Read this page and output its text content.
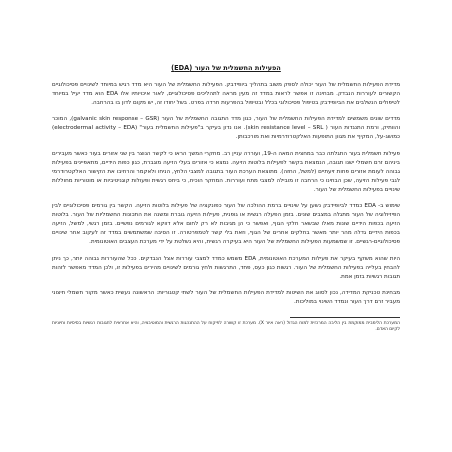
הפעילות החשמלית של העור (EDA)

מדידת הפעילות החשמלית של העור יכולה לספק משוב בתהליך ביופידבק. הפעילות החשמלית של העור היא מדד רגיש במיוחד לשינויים פסיכולוגיים הקשורים לעוררות הנבדק. מבחינה זו אפשר לראות במדד זה מעין מראה לתהליכים פסיכולוגיים, לאור איכויותיו אלו EDA הוא מדד יעיל במיוחד לטיפולים הנשלבים את הביופידבק בטיפול פסיכולוגי בכלל ובטיפול בהפרעות חרדה בפרט. בשל יחודו זה, יש מקום לדון בו בהרחבה.

מדדים שונים משמשים למדידת הפעילות החשמלית של העור, כגון מדד התגובה החשמלית של העור (galvanic skin response – GSR), המוכר והוותיק, ורמת התנגדות העור ( skin resistance level – SRL). אנו נדון בעיקר ב"פעילות החשמלית בעור" (electrodermal activity – EDA) כמושג-על, המקיף את מגוון התופעות האלקטרודרמיות ואת מורכבותן.

פעילות חשמלית בעור התגלתה כבר במחצית המאה ה-19, ועוררה עניין רב. מחקרי המשך הראו כי לקשר הנוצר בין שני אזורים בעור כאשר מעבירים ביניהם זרם חשמלי ישנו תגובה, הנמצאת בקשר לפעילות בלוטות הזיעה. נמצא כי אזורים בעלי הזיעה מוגברת, כגון כפות הידיים, מתאפיינים בפעילות גבוהה לעומת אזורים פחות זיעתיים (למשל, החזה). מתוצאת הערכת העור בתגובה למצבי הלחץ, הניחו ולאקמר והרחיבו את הקישור האלקטרודרמי לגבי פעילות הזיעה, שכן הבחינו כי הרחבה זו מובילה למצבי מתח ועוררות. המחקר הוכיח, כי ביחס רגשית ופעולות קוגניטיביות או מוטוריות מחוללות שינויים בפעילות החשמלית של העור.

שימוש ב- EDA כמדד לביופידבק נשען על שינויים ברמת ההולכה של העור כפונקציה של פעילות בלוטות הזיעה. הקשר בין גורמים פסיכולוגיים לבין הפיזיולוגיה של העור מתגלה במצבים שונים. בזמן הפעלה רגשית או גופנית, פעילות הזיעה גוברת ומשנה את התכונות החשמליות של העור. בלוטות הזיעה בכפות הידיים שונות מאלו שבשאר חלקי הגוף, ואפשר כי הן מגיבות לא רק לחום אלא דווקא לגורמים נפשיים. בזמן רגשי, למשל, הזיעה בכפות הידיים גדלה מהר יותר מאשר בחלקים אחרים של הגוף, וזאת בלי קשר לטמפרטורה. זו הסיבה שמשתמשים במדד זה לעקוב אחר שינויים פסיכולוגיים-רגשיים. זו שמשמעות הפעילות החשמלית של העור היא בעיקרה רגשית, והיא נשלטת על ידי מערכת העצבים האוטונומית.

היות שהוא משקף בעיקר את פעילות המערכת האוטונומית, EDA משמש כמדד למצבי עוררות אצל הנבדקים. ככל שהעוררות גבוהה יותר, כך ניתן להבחין בעלייה בפעילות החשמלית של העור. רגשות כגון כעס, פחד, התרגשות ולחץ גורמים לשינויים מהירים בפעילות זו, ולכן המדד מאפשר לזהות תגובות רגשיות בזמן אמת.

מבחינת טכניקת המדידה, נכון לסווג את השיטות למדידת הפעילות החשמלית של העור לשתי קטגוריות: הראשונה נעשית כאשר מקור חשמלי חיצוני מעביר זרם דרך העור ונמדד השינוי במוליכות.

המערכת הלימבית ממוקמת בין הליבה המרכזית למוח הגדול (ראה איור X). מערכת זו קשורה לפיקוח על ההתנהגות הרגשית והמוטיבציה, והיא אחראית לתגובות רגשיות בסיסיות וחיוניות לקיום האדם.
